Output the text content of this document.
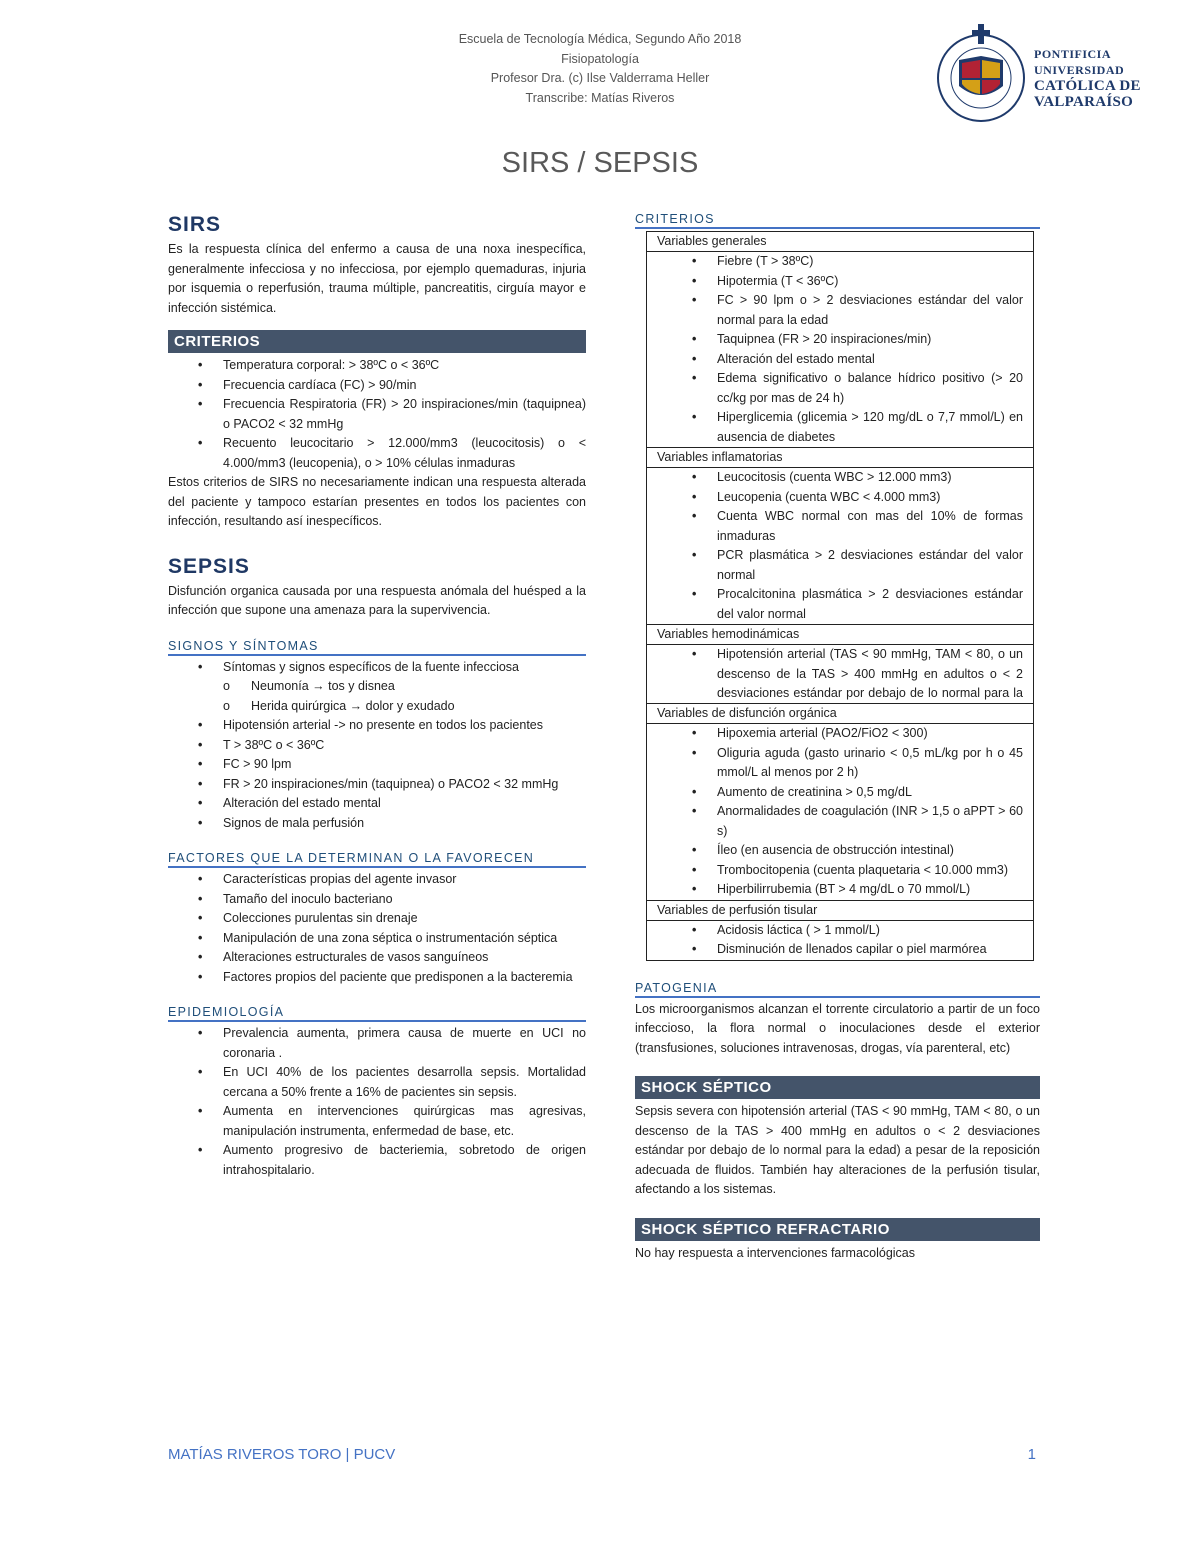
Escuela de Tecnología Médica, Segundo Año 2018
Fisiopatología
Profesor Dra. (c) Ilse Valderrama Heller
Transcribe: Matías Riveros
PONTIFICIA
UNIVERSIDAD
CATÓLICA DE
VALPARAÍSO
SIRS / SEPSIS
SIRS

Es la respuesta clínica del enfermo a causa de una noxa inespecífica, generalmente infecciosa y no infecciosa, por ejemplo quemaduras, injuria por isquemia o reperfusión, trauma múltiple, pancreatitis, cirguía mayor e infección sistémica.

CRITERIOS
• Temperatura corporal: > 38ºC o < 36ºC
• Frecuencia cardíaca (FC) > 90/min
• Frecuencia Respiratoria (FR) > 20 inspiraciones/min (taquipnea) o PACO2 < 32 mmHg
• Recuento leucocitario > 12.000/mm3 (leucocitosis) o < 4.000/mm3 (leucopenia), o > 10% células inmaduras

Estos criterios de SIRS no necesariamente indican una respuesta alterada del paciente y tampoco estarían presentes en todos los pacientes con infección, resultando así inespecíficos.

SEPSIS

Disfunción organica causada por una respuesta anómala del huésped a la infección que supone una amenaza para la supervivencia.

SIGNOS Y SÍNTOMAS
• Síntomas y signos específicos de la fuente infecciosa
o Neumonía → tos y disnea
o Herida quirúrgica → dolor y exudado
• Hipotensión arterial -> no presente en todos los pacientes
• T > 38ºC o < 36ºC
• FC > 90 lpm
• FR > 20 inspiraciones/min (taquipnea) o PACO2 < 32 mmHg
• Alteración del estado mental
• Signos de mala perfusión
FACTORES QUE LA DETERMINAN O LA FAVORECEN
• Características propias del agente invasor
• Tamaño del inoculo bacteriano
• Colecciones purulentas sin drenaje
• Manipulación de una zona séptica o instrumentación séptica
• Alteraciones estructurales de vasos sanguíneos
• Factores propios del paciente que predisponen a la bacteremia
EPIDEMIOLOGÍA
• Prevalencia aumenta, primera causa de muerte en UCI no coronaria .
• En UCI 40% de los pacientes desarrolla sepsis. Mortalidad cercana a 50% frente a 16% de pacientes sin sepsis.
• Aumenta en intervenciones quirúrgicas mas agresivas, manipulación instrumenta, enfermedad de base, etc.
• Aumento progresivo de bacteriemia, sobretodo de origen intrahospitalario.
CRITERIOS
Variables generales
• Fiebre (T > 38ºC)
• Hipotermia (T < 36ºC)
• FC > 90 lpm o > 2 desviaciones estándar del valor normal para la edad
• Taquipnea (FR > 20 inspiraciones/min)
• Alteración del estado mental
• Edema significativo o balance hídrico positivo (> 20 cc/kg por mas de 24 h)
• Hiperglicemia (glicemia > 120 mg/dL o 7,7 mmol/L) en ausencia de diabetes
Variables inflamatorias
• Leucocitosis (cuenta WBC > 12.000 mm3)
• Leucopenia (cuenta WBC < 4.000 mm3)
• Cuenta WBC normal con mas del 10% de formas inmaduras
• PCR plasmática > 2 desviaciones estándar del valor normal
• Procalcitonina plasmática > 2 desviaciones estándar del valor normal
Variables hemodinámicas
• Hipotensión arterial (TAS < 90 mmHg, TAM < 80, o un descenso de la TAS > 400 mmHg en adultos o < 2 desviaciones estándar por debajo de lo normal para la
Variables de disfunción orgánica
• Hipoxemia arterial (PAO2/FiO2 < 300)
• Oliguria aguda (gasto urinario < 0,5 mL/kg por h o 45 mmol/L al menos por 2 h)
• Aumento de creatinina > 0,5 mg/dL
• Anormalidades de coagulación (INR > 1,5 o aPPT > 60 s)
• Íleo (en ausencia de obstrucción intestinal)
• Trombocitopenia (cuenta plaquetaria < 10.000 mm3)
• Hiperbilirrubemia (BT > 4 mg/dL o 70 mmol/L)
Variables de perfusión tisular
• Acidosis láctica ( > 1 mmol/L)
• Disminución de llenados capilar o piel marmórea
PATOGENIA

Los microorganismos alcanzan el torrente circulatorio a partir de un foco infeccioso, la flora normal o inoculaciones desde el exterior (transfusiones, soluciones intravenosas, drogas, vía parenteral, etc)

SHOCK SÉPTICO

Sepsis severa con hipotensión arterial (TAS < 90 mmHg, TAM < 80, o un descenso de la TAS > 400 mmHg en adultos o < 2 desviaciones estándar por debajo de lo normal para la edad) a pesar de la reposición adecuada de fluidos. También hay alteraciones de la perfusión tisular, afectando a los sistemas.

SHOCK SÉPTICO REFRACTARIO

No hay respuesta a intervenciones farmacológicas

MATÍAS RIVEROS TORO | PUCV	1
